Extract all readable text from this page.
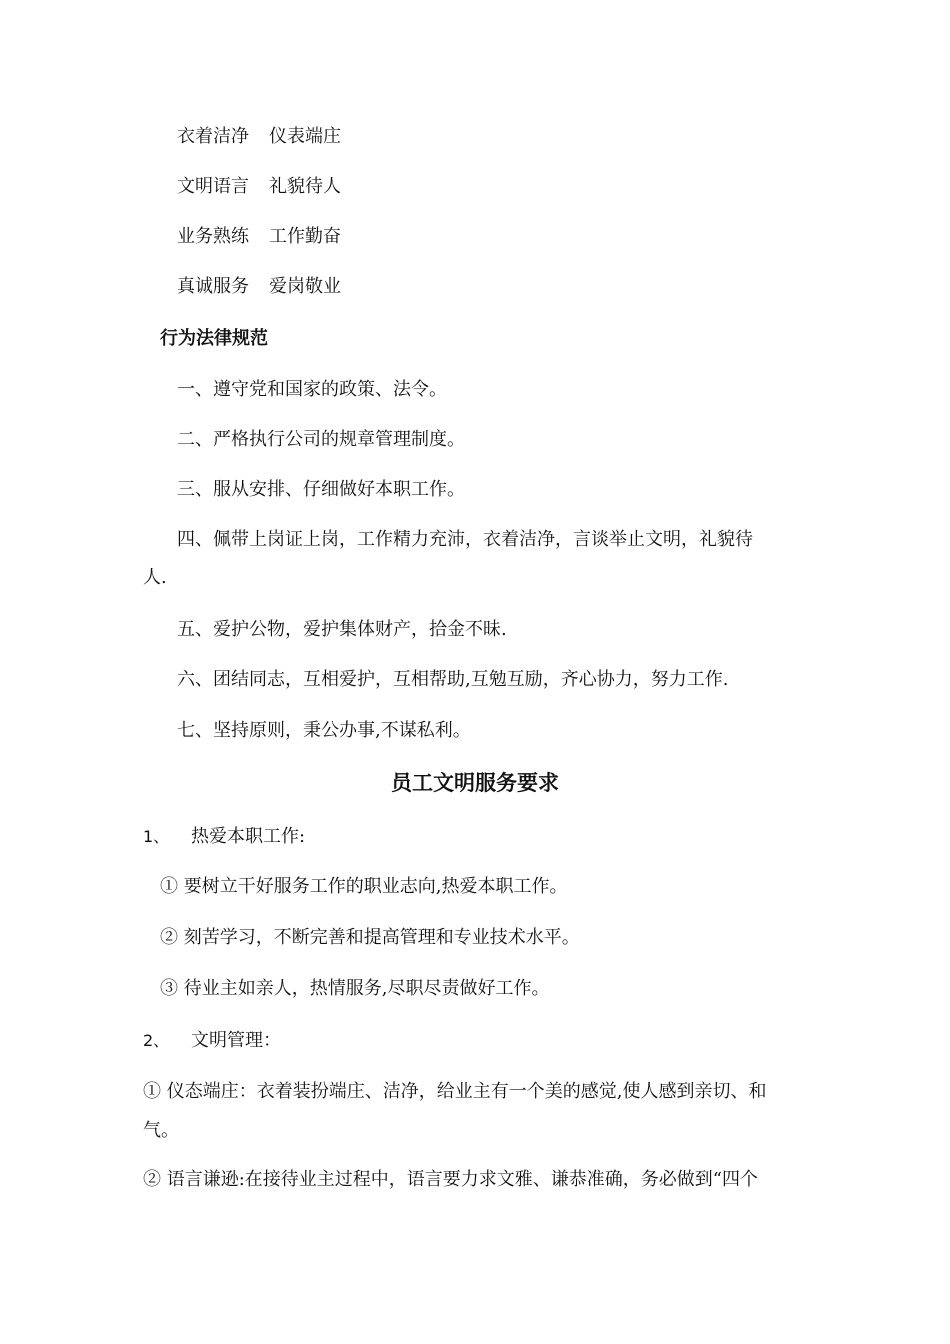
衣着洁净 仪表端庄
文明语言 礼貌待人
业务熟练 工作勤奋
真诚服务 爱岗敬业
行为法律规范
一、遵守党和国家的政策、法令。
二、严格执行公司的规章管理制度。
三、服从安排、仔细做好本职工作。
四、佩带上岗证上岗，工作精力充沛，衣着洁净，言谈举止文明，礼貌待
人.
五、爱护公物，爱护集体财产，拾金不昧.
六、团结同志，互相爱护，互相帮助,互勉互励，齐心协力，努力工作.
七、坚持原则，秉公办事,不谋私利。
员工文明服务要求
1、 热爱本职工作:
① 要树立干好服务工作的职业志向,热爱本职工作。
② 刻苦学习，不断完善和提高管理和专业技术水平。
③ 待业主如亲人，热情服务,尽职尽责做好工作。
2、 文明管理：
① 仪态端庄：衣着装扮端庄、洁净，给业主有一个美的感觉,使人感到亲切、和
气。
② 语言谦逊:在接待业主过程中，语言要力求文雅、谦恭准确，务必做到“四个
